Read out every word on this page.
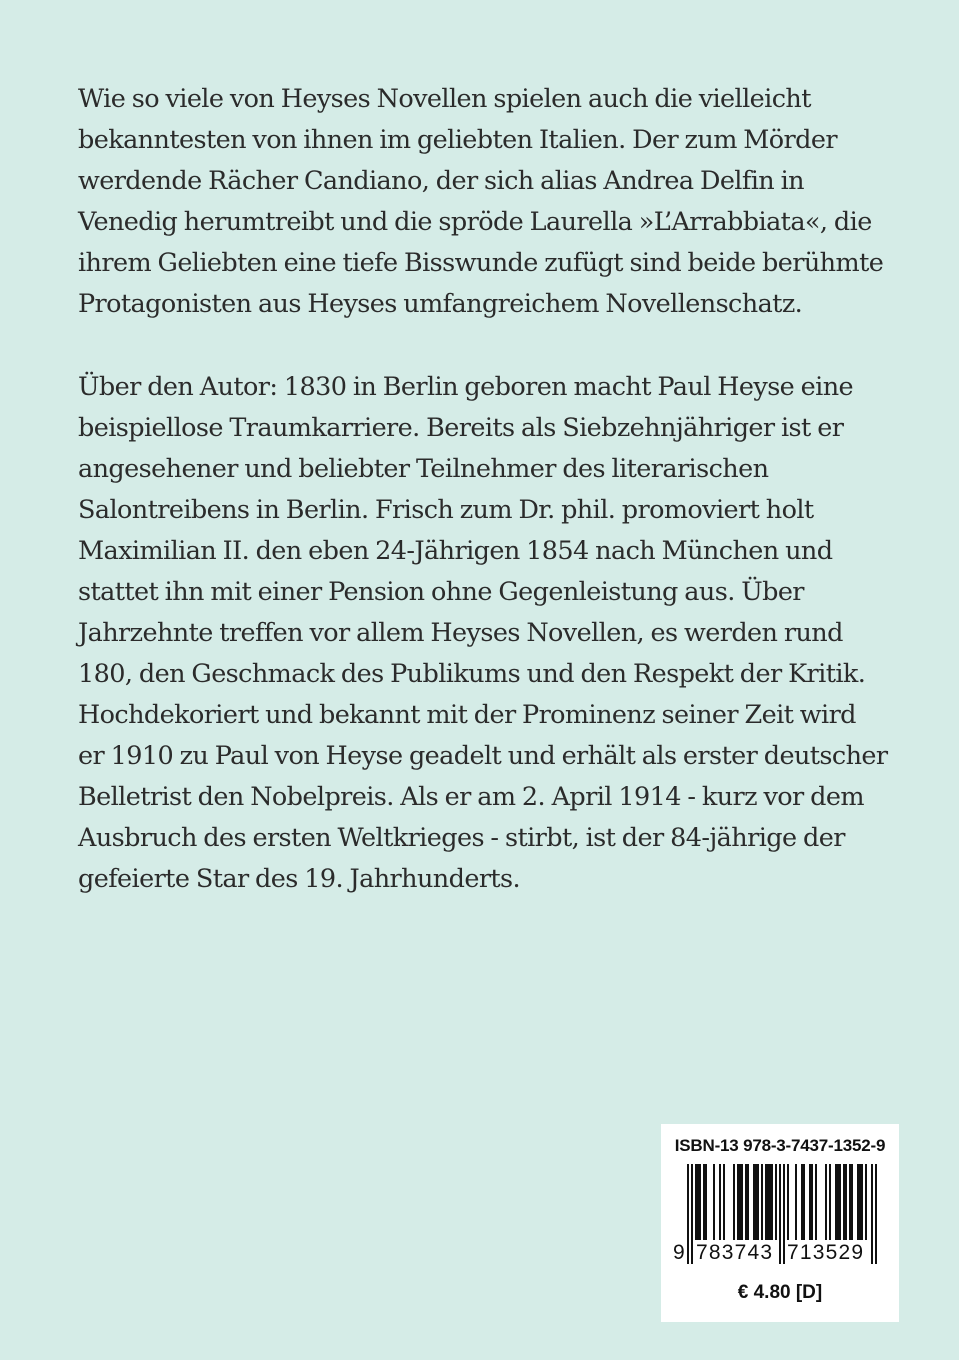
Wie so viele von Heyses Novellen spielen auch die vielleicht
bekanntesten von ihnen im geliebten Italien. Der zum Mörder
werdende Rächer Candiano, der sich alias Andrea Delfin in
Venedig herumtreibt und die spröde Laurella »L’Arrabbiata«, die
ihrem Geliebten eine tiefe Bisswunde zufügt sind beide berühmte
Protagonisten aus Heyses umfangreichem Novellenschatz.
Über den Autor: 1830 in Berlin geboren macht Paul Heyse eine
beispiellose Traumkarriere. Bereits als Siebzehnjähriger ist er
angesehener und beliebter Teilnehmer des literarischen
Salontreibens in Berlin. Frisch zum Dr. phil. promoviert holt
Maximilian II. den eben 24-Jährigen 1854 nach München und
stattet ihn mit einer Pension ohne Gegenleistung aus. Über
Jahrzehnte treffen vor allem Heyses Novellen, es werden rund
180, den Geschmack des Publikums und den Respekt der Kritik.
Hochdekoriert und bekannt mit der Prominenz seiner Zeit wird
er 1910 zu Paul von Heyse geadelt und erhält als erster deutscher
Belletrist den Nobelpreis. Als er am 2. April 1914 - kurz vor dem
Ausbruch des ersten Weltkrieges - stirbt, ist der 84-jährige der
gefeierte Star des 19. Jahrhunderts.
ISBN-13 978-3-7437-1352-9
9 783743 713529
€ 4.80 [D]
